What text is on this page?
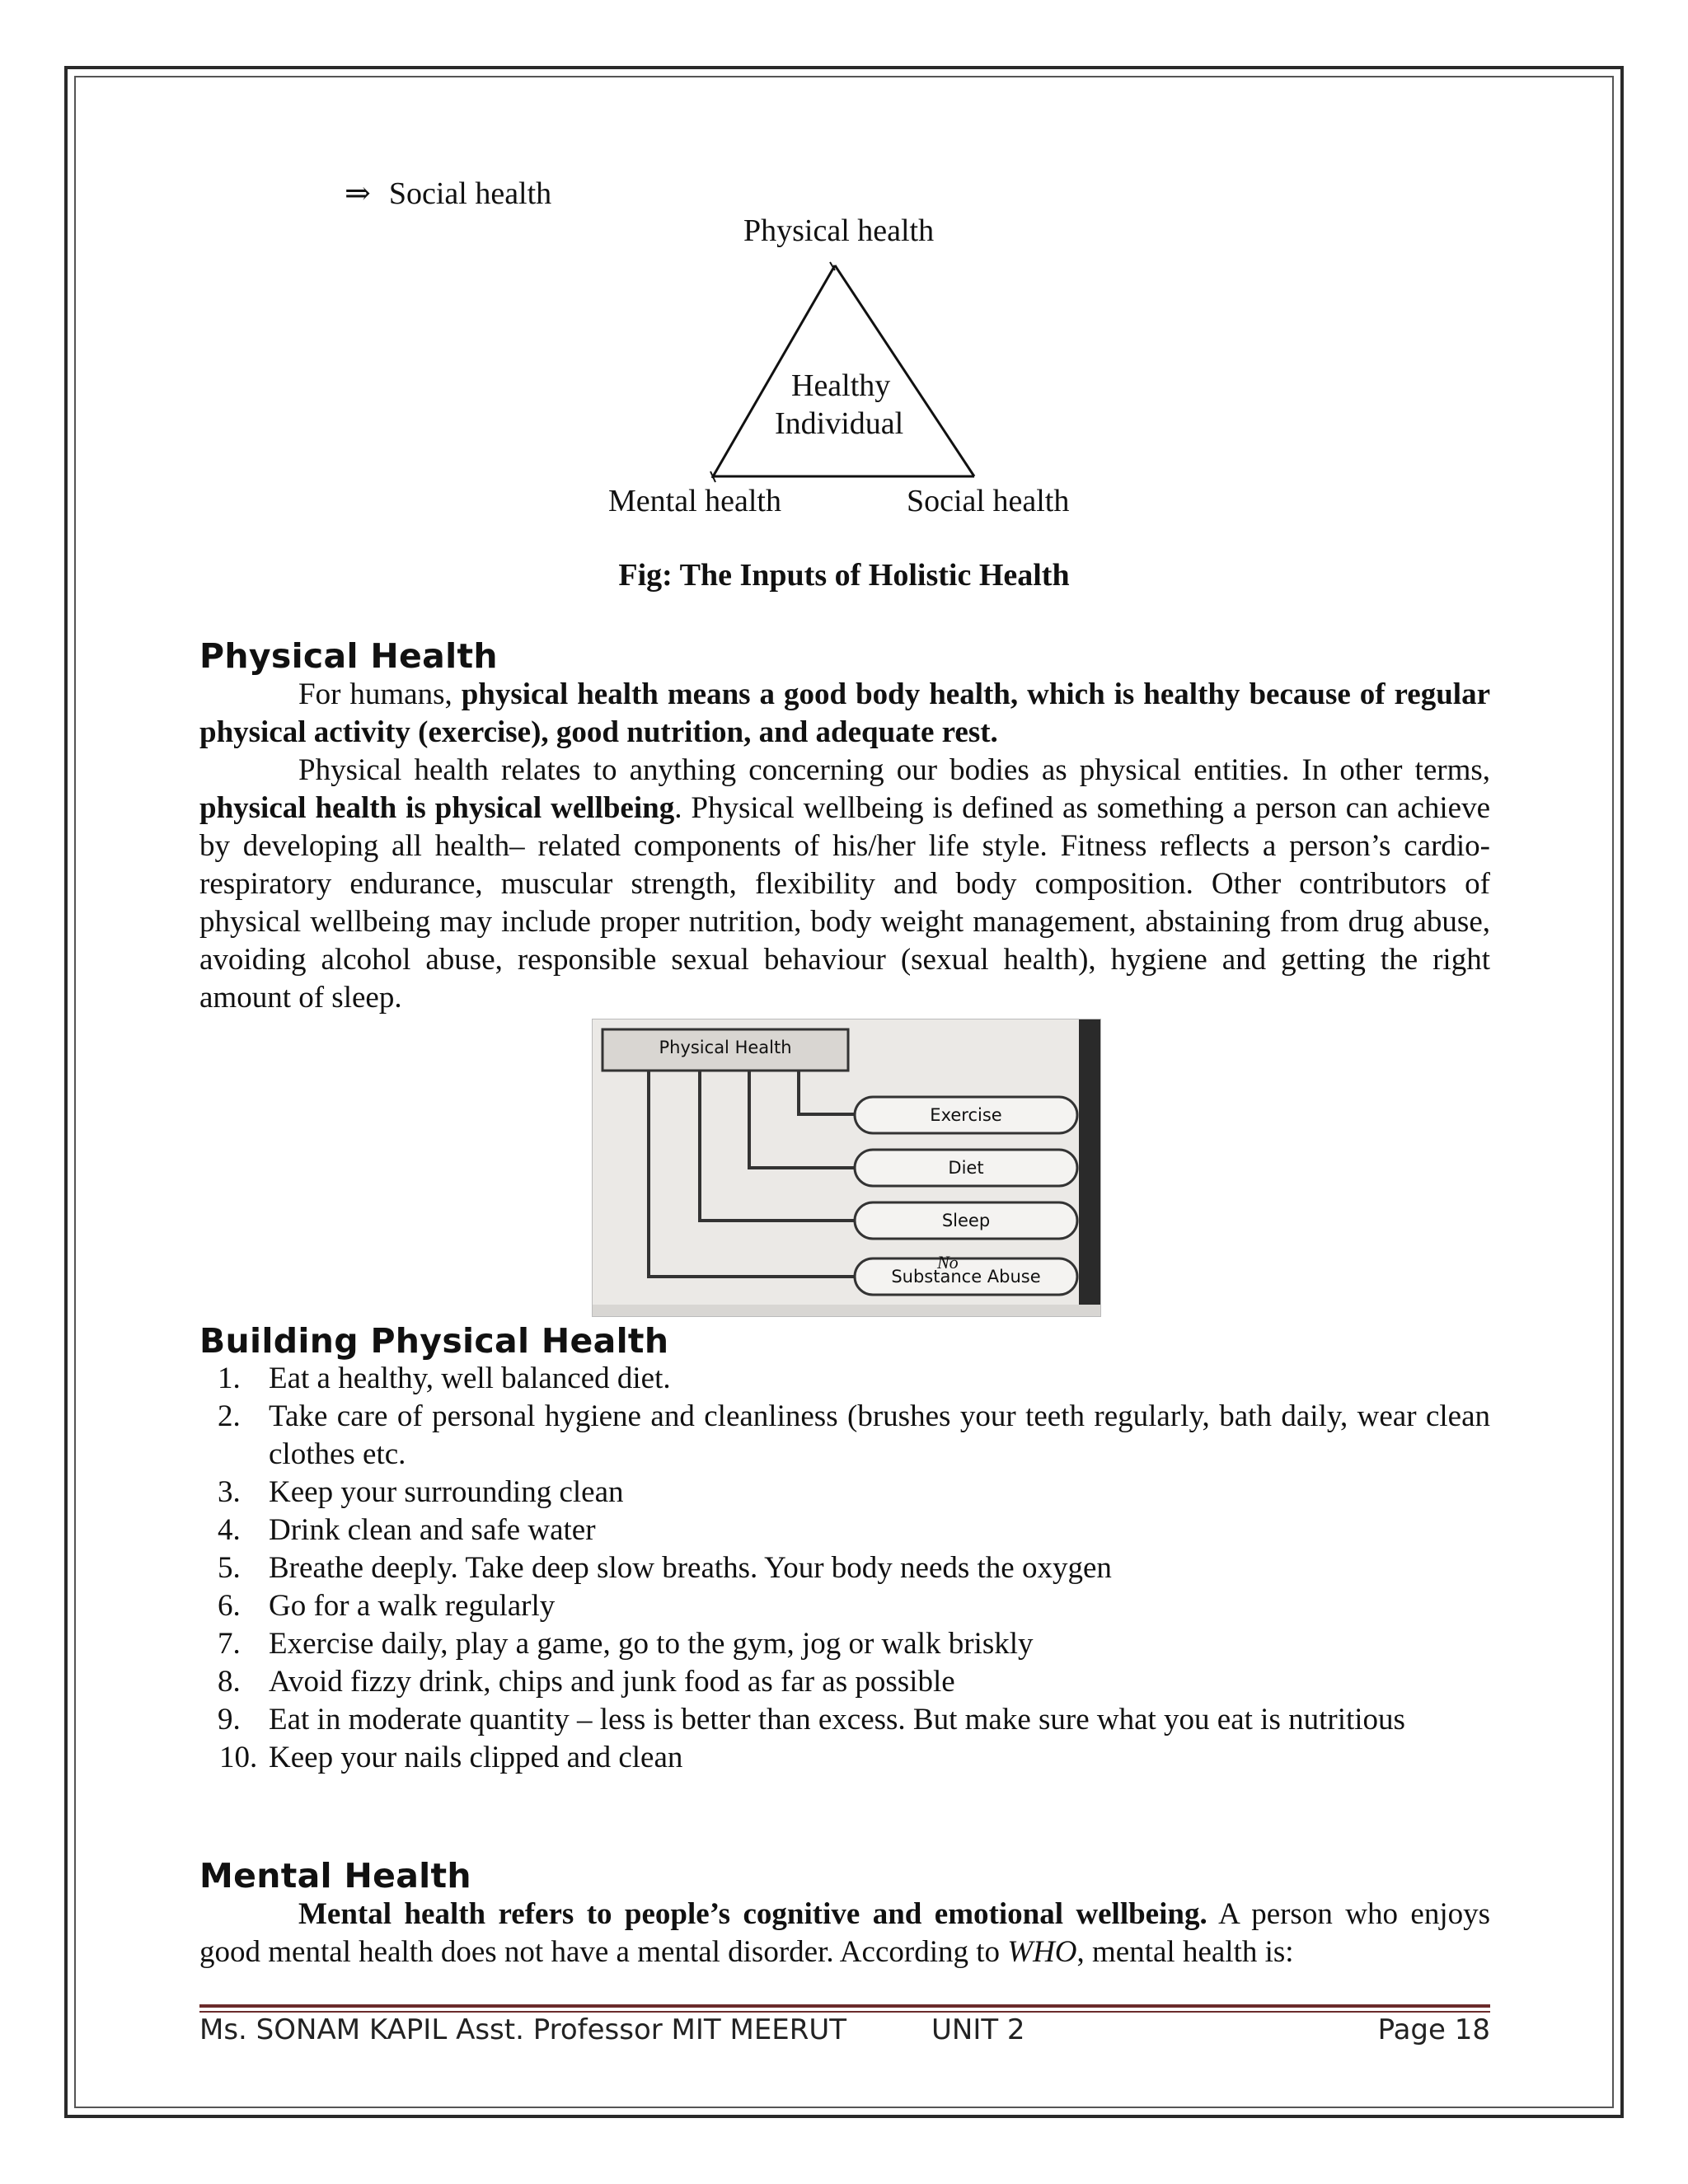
⇒ Social health
Physical health
Healthy
Individual
Mental health	Social health
Fig: The Inputs of Holistic Health
Physical Health

For humans, physical health means a good body health, which is healthy because of regular physical activity (exercise), good nutrition, and adequate rest.

Physical health relates to anything concerning our bodies as physical entities. In other terms, physical health is physical wellbeing. Physical wellbeing is defined as something a person can achieve by developing all health– related components of his/her life style. Fitness reflects a person’s cardio-respiratory endurance, muscular strength, flexibility and body composition. Other contributors of physical wellbeing may include proper nutrition, body weight management, abstaining from drug abuse, avoiding alcohol abuse, responsible sexual behaviour (sexual health), hygiene and getting the right amount of sleep.

Physical Health
Exercise
Diet
Sleep
Substance Abuse
No
Building Physical Health
1. Eat a healthy, well balanced diet.
2. Take care of personal hygiene and cleanliness (brushes your teeth regularly, bath daily, wear clean clothes etc.
3. Keep your surrounding clean
4. Drink clean and safe water
5. Breathe deeply. Take deep slow breaths. Your body needs the oxygen
6. Go for a walk regularly
7. Exercise daily, play a game, go to the gym, jog or walk briskly
8. Avoid fizzy drink, chips and junk food as far as possible
9. Eat in moderate quantity – less is better than excess. But make sure what you eat is nutritious
10. Keep your nails clipped and clean
Mental Health

Mental health refers to people’s cognitive and emotional wellbeing. A person who enjoys good mental health does not have a mental disorder. According to WHO, mental health is:

Ms. SONAM KAPIL Asst. Professor MIT MEERUT	UNIT 2	Page 18
